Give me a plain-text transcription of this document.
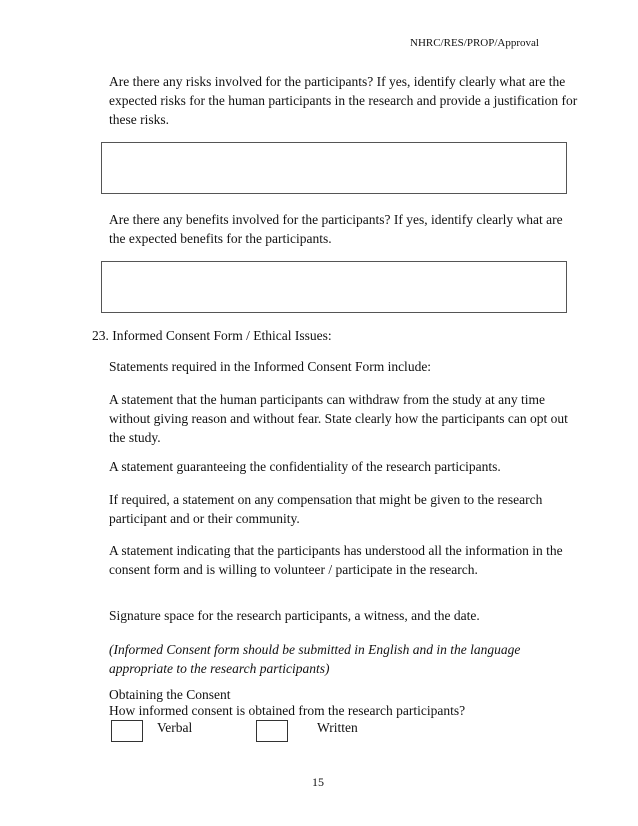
NHRC/RES/PROP/Approval
Are there any risks involved for the participants? If yes, identify clearly what are the expected risks for the human participants in the research and provide a justification for these risks.
Are there any benefits involved for the participants? If yes, identify clearly what are the expected benefits for the participants.
23. Informed Consent Form / Ethical Issues:
Statements required in the Informed Consent Form include:
A statement that the human participants can withdraw from the study at any time without giving reason and without fear. State clearly how the participants can opt out the study.
A statement guaranteeing the confidentiality of the research participants.
If required, a statement on any compensation that might be given to the research participant and or their community.
A statement indicating that the participants has understood all the information in the consent form and is willing to volunteer / participate in the research.
Signature space for the research participants, a witness, and the date.
(Informed Consent form should be submitted in English and in the language appropriate to the research participants)
Obtaining the Consent
How informed consent is obtained from the research participants?
Verbal	Written
15
